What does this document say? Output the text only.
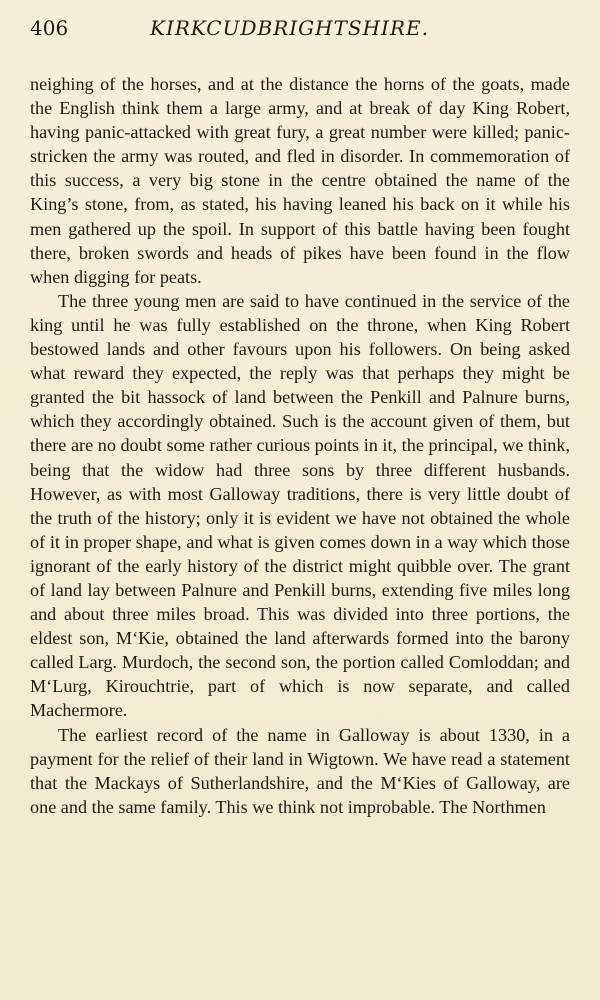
406	KIRKCUDBRIGHTSHIRE.

neighing of the horses, and at the distance the horns of the goats, made the English think them a large army, and at break of day King Robert, having panic-attacked with great fury, a great number were killed; panic-stricken the army was routed, and fled in disorder. In commemoration of this success, a very big stone in the centre obtained the name of the King’s stone, from, as stated, his having leaned his back on it while his men gathered up the spoil. In support of this battle having been fought there, broken swords and heads of pikes have been found in the flow when digging for peats.

The three young men are said to have continued in the service of the king until he was fully established on the throne, when King Robert bestowed lands and other favours upon his followers. On being asked what reward they expected, the reply was that perhaps they might be granted the bit hassock of land between the Penkill and Palnure burns, which they accordingly obtained. Such is the account given of them, but there are no doubt some rather curious points in it, the principal, we think, being that the widow had three sons by three different husbands. However, as with most Galloway traditions, there is very little doubt of the truth of the history; only it is evident we have not obtained the whole of it in proper shape, and what is given comes down in a way which those ignorant of the early history of the district might quibble over. The grant of land lay between Palnure and Penkill burns, extending five miles long and about three miles broad. This was divided into three portions, the eldest son, M‘Kie, obtained the land afterwards formed into the barony called Larg. Murdoch, the second son, the portion called Comloddan; and M‘Lurg, Kirouchtrie, part of which is now separate, and called Machermore.

The earliest record of the name in Galloway is about 1330, in a payment for the relief of their land in Wigtown. We have read a statement that the Mackays of Sutherlandshire, and the M‘Kies of Galloway, are one and the same family. This we think not improbable. The Northmen
